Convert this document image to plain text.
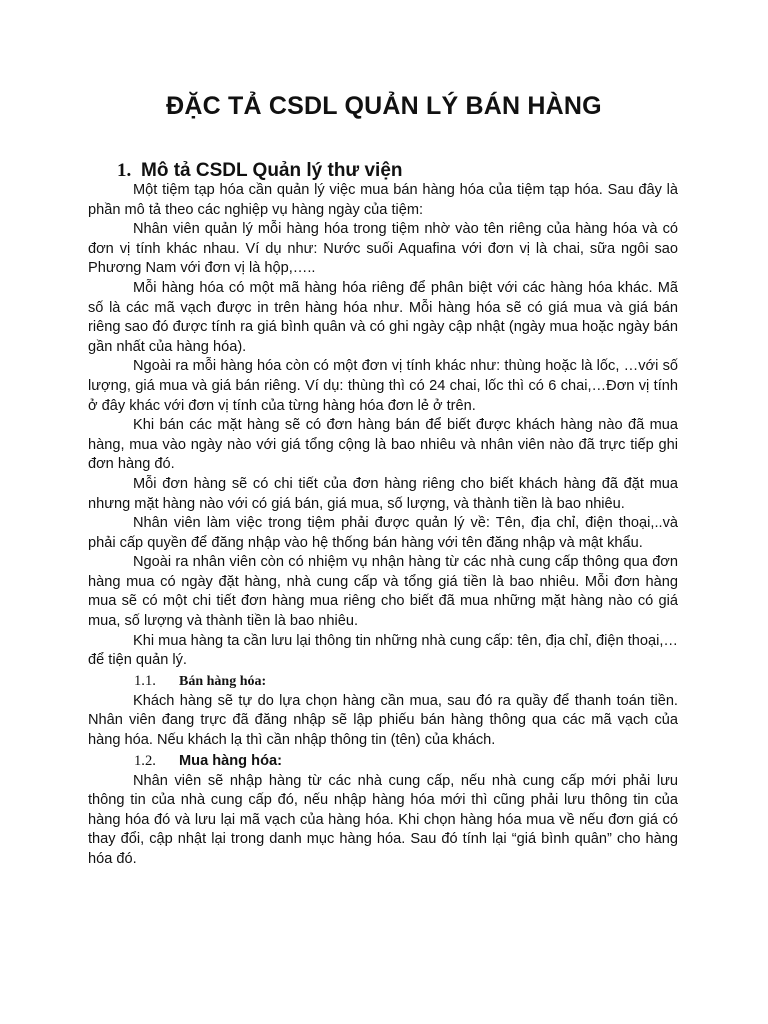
ĐẶC TẢ CSDL QUẢN LÝ BÁN HÀNG
1. Mô tả CSDL Quản lý thư viện

Một tiệm tạp hóa cần quản lý việc mua bán hàng hóa của tiệm tạp hóa. Sau đây là phần mô tả theo các nghiệp vụ hàng ngày của tiệm:

Nhân viên quản lý mỗi hàng hóa trong tiệm nhờ vào tên riêng của hàng hóa và có đơn vị tính khác nhau. Ví dụ như: Nước suối Aquafina với đơn vị là chai, sữa ngôi sao Phương Nam với đơn vị là hộp,…..

Mỗi hàng hóa có một mã hàng hóa riêng để phân biệt với các hàng hóa khác. Mã số là các mã vạch được in trên hàng hóa như. Mỗi hàng hóa sẽ có giá mua và giá bán riêng sao đó được tính ra giá bình quân và có ghi ngày cập nhật (ngày mua hoặc ngày bán gần nhất của hàng hóa).

Ngoài ra mỗi hàng hóa còn có một đơn vị tính khác như: thùng hoặc là lốc, …với số lượng, giá mua và giá bán riêng. Ví dụ: thùng thì có 24 chai, lốc thì có 6 chai,…Đơn vị tính ở đây khác với đơn vị tính của từng hàng hóa đơn lẻ ở trên.

Khi bán các mặt hàng sẽ có đơn hàng bán để biết được khách hàng nào đã mua hàng, mua vào ngày nào với giá tổng cộng là bao nhiêu và nhân viên nào đã trực tiếp ghi đơn hàng đó.

Mỗi đơn hàng sẽ có chi tiết của đơn hàng riêng cho biết khách hàng đã đặt mua nhưng mặt hàng nào với có giá bán, giá mua, số lượng, và thành tiền là bao nhiêu.

Nhân viên làm việc trong tiệm phải được quản lý về: Tên, địa chỉ, điện thoại,..và phải cấp quyền để đăng nhập vào hệ thống bán hàng với tên đăng nhập và mật khẩu.

Ngoài ra nhân viên còn có nhiệm vụ nhận hàng từ các nhà cung cấp thông qua đơn hàng mua có ngày đặt hàng, nhà cung cấp và tổng giá tiền là bao nhiêu. Mỗi đơn hàng mua sẽ có một chi tiết đơn hàng mua riêng cho biết đã mua những mặt hàng nào có giá mua, số lượng và thành tiền là bao nhiêu.

Khi mua hàng ta cần lưu lại thông tin những nhà cung cấp: tên, địa chỉ, điện thoại,…để tiện quản lý.

1.1.	Bán hàng hóa:

Khách hàng sẽ tự do lựa chọn hàng cần mua, sau đó ra quầy để thanh toán tiền. Nhân viên đang trực đã đăng nhập sẽ lập phiếu bán hàng thông qua các mã vạch của hàng hóa. Nếu khách lạ thì cần nhập thông tin (tên) của khách.

1.2.	Mua hàng hóa:

Nhân viên sẽ nhập hàng từ các nhà cung cấp, nếu nhà cung cấp mới phải lưu thông tin của nhà cung cấp đó, nếu nhập hàng hóa mới thì cũng phải lưu thông tin của hàng hóa đó và lưu lại mã vạch của hàng hóa. Khi chọn hàng hóa mua về nếu đơn giá có thay đổi, cập nhật lại trong danh mục hàng hóa. Sau đó tính lại “giá bình quân” cho hàng hóa đó.
